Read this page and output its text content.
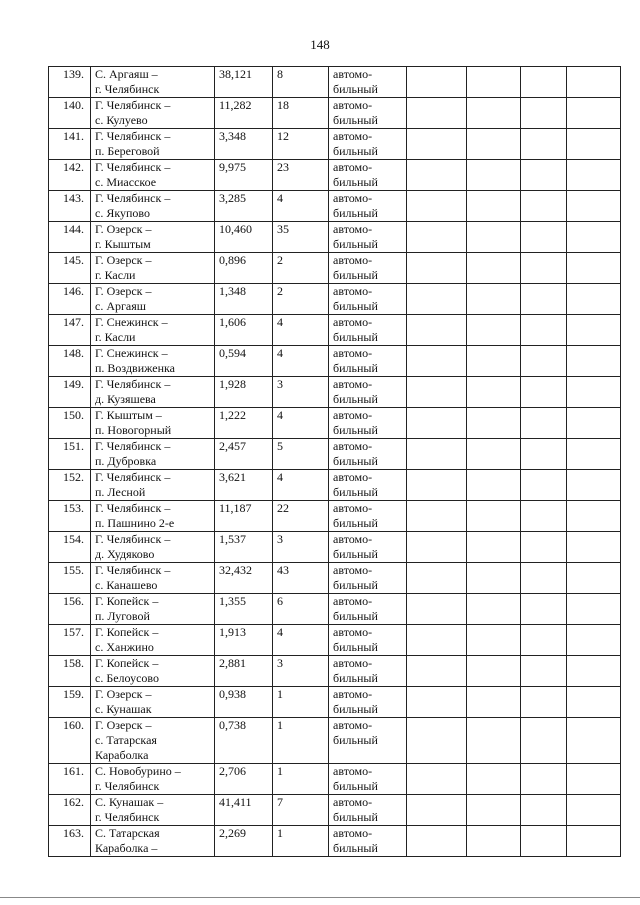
148
139.	С. Аргаяш –
г. Челябинск	38,121	8	автомо-
бильный				

140.	Г. Челябинск –
с. Кулуево	11,282	18	автомо-
бильный				

141.	Г. Челябинск –
п. Береговой	3,348	12	автомо-
бильный				

142.	Г. Челябинск –
с. Миасское	9,975	23	автомо-
бильный				

143.	Г. Челябинск –
с. Якупово	3,285	4	автомо-
бильный				

144.	Г. Озерск –
г. Кыштым	10,460	35	автомо-
бильный				

145.	Г. Озерск –
г. Касли	0,896	2	автомо-
бильный				

146.	Г. Озерск –
с. Аргаяш	1,348	2	автомо-
бильный				

147.	Г. Снежинск –
г. Касли	1,606	4	автомо-
бильный				

148.	Г. Снежинск –
п. Воздвиженка	0,594	4	автомо-
бильный				

149.	Г. Челябинск –
д. Кузяшева	1,928	3	автомо-
бильный				

150.	Г. Кыштым –
п. Новогорный	1,222	4	автомо-
бильный				

151.	Г. Челябинск –
п. Дубровка	2,457	5	автомо-
бильный				

152.	Г. Челябинск –
п. Лесной	3,621	4	автомо-
бильный				

153.	Г. Челябинск –
п. Пашнино 2-е	11,187	22	автомо-
бильный				

154.	Г. Челябинск –
д. Худяково	1,537	3	автомо-
бильный				

155.	Г. Челябинск –
с. Канашево	32,432	43	автомо-
бильный				

156.	Г. Копейск –
п. Луговой	1,355	6	автомо-
бильный				

157.	Г. Копейск –
с. Ханжино	1,913	4	автомо-
бильный				

158.	Г. Копейск –
с. Белоусово	2,881	3	автомо-
бильный				

159.	Г. Озерск –
с. Кунашак	0,938	1	автомо-
бильный				

160.	Г. Озерск –
с. Татарская
Караболка	0,738	1	автомо-
бильный				

161.	С. Новобурино –
г. Челябинск	2,706	1	автомо-
бильный				

162.	С. Кунашак –
г. Челябинск	41,411	7	автомо-
бильный				

163.	С. Татарская
Караболка –	2,269	1	автомо-
бильный				
